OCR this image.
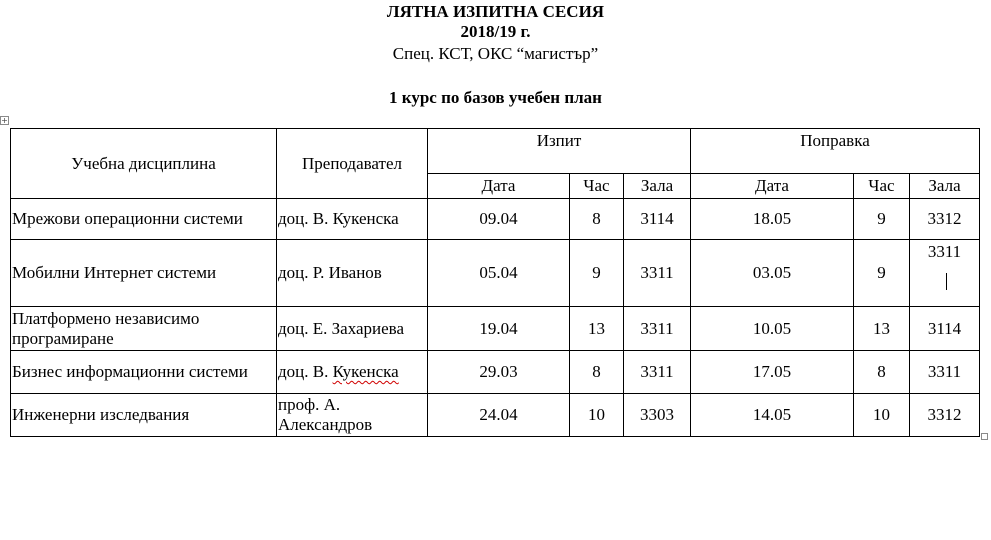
ЛЯТНА ИЗПИТНА СЕСИЯ
2018/19 г.
Спец. КСТ, ОКС “магистър”
1 курс по базов учебен план
+
Учебна дисциплина	Преподавател	Изпит			Поправка		
		Дата	Час	Зала	Дата	Час	Зала
Мрежови операционни системи	доц. В. Кукенска	09.04	8	3114	18.05	9	3312
Мобилни Интернет системи	доц. Р. Иванов	05.04	9	3311	03.05	9	3311
Платформено независимо програмиране	доц. Е. Захариева	19.04	13	3311	10.05	13	3114
Бизнес информационни системи	доц. В. Кукенска	29.03	8	3311	17.05	8	3311
Инженерни изследвания	проф. А. Александров	24.04	10	3303	14.05	10	3312
